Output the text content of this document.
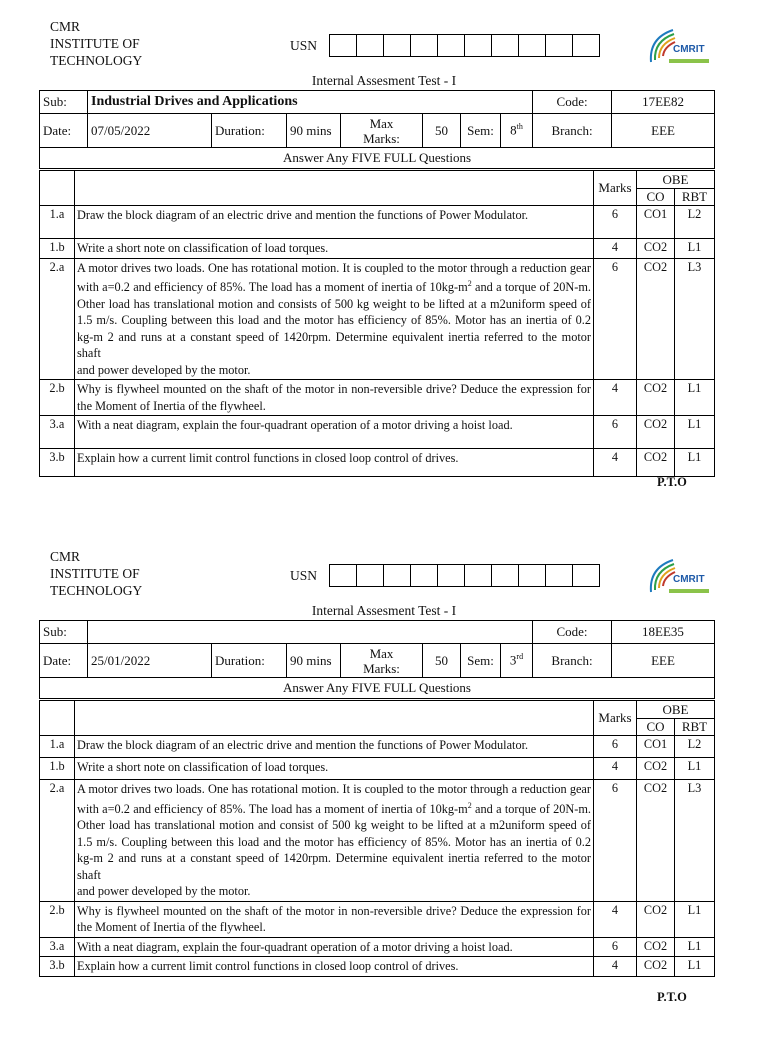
CMR
INSTITUTE OF
TECHNOLOGY
USN	CMRIT
Internal Assesment Test - I
Sub:	Industrial Drives and Applications							Code:	17EE82
Date:	07/05/2022	Duration:	90 mins	Max
Marks:	50	Sem:	8th	Branch:	EEE
Answer Any FIVE FULL Questions									
		Marks	OBE	
			CO	RBT
1.a	Draw the block diagram of an electric drive and mention the functions of Power Modulator.	6	CO1	L2
1.b	Write a short note on classification of load torques.	4	CO2	L1
2.a	A motor drives two loads. One has rotational motion. It is coupled to the motor through a reduction gear with a=0.2 and efficiency of 85%. The load has a moment of inertia of $10kg-m^2$ and a torque of 20N-m. Other load has translational motion and consists of 500 kg weight to be lifted at a m2uniform speed of 1.5 m/s. Coupling between this load and the motor has efficiency of 85%. Motor has an inertia of 0.2 kg-m 2 and runs at a constant speed of 1420rpm. Determine equivalent inertia referred to the motor shaft
and power developed by the motor.	6	CO2	L3
2.b	Why is flywheel mounted on the shaft of the motor in non-reversible drive? Deduce the expression for the Moment of Inertia of the flywheel.	4	CO2	L1
3.a	With a neat diagram, explain the four-quadrant operation of a motor driving a hoist load.	6	CO2	L1
3.b	Explain how a current limit control functions in closed loop control of drives.	4	CO2	L1
P.T.O
CMR
INSTITUTE OF
TECHNOLOGY
USN	CMRIT
Internal Assesment Test - I
Sub:								Code:	18EE35
Date:	25/01/2022	Duration:	90 mins	Max
Marks:	50	Sem:	3rd	Branch:	EEE
Answer Any FIVE FULL Questions									
		Marks	OBE	
			CO	RBT
1.a	Draw the block diagram of an electric drive and mention the functions of Power Modulator.	6	CO1	L2
1.b	Write a short note on classification of load torques.	4	CO2	L1
2.a	A motor drives two loads. One has rotational motion. It is coupled to the motor through a reduction gear with a=0.2 and efficiency of 85%. The load has a moment of inertia of $10kg-m^2$ and a torque of 20N-m. Other load has translational motion and consist of 500 kg weight to be lifted at a m2uniform speed of 1.5 m/s. Coupling between this load and the motor has efficiency of 85%. Motor has an inertia of 0.2 kg-m 2 and runs at a constant speed of 1420rpm. Determine equivalent inertia referred to the motor shaft
and power developed by the motor.	6	CO2	L3
2.b	Why is flywheel mounted on the shaft of the motor in non-reversible drive? Deduce the expression for the Moment of Inertia of the flywheel.	4	CO2	L1
3.a	With a neat diagram, explain the four-quadrant operation of a motor driving a hoist load.	6	CO2	L1
3.b	Explain how a current limit control functions in closed loop control of drives.	4	CO2	L1
P.T.O
